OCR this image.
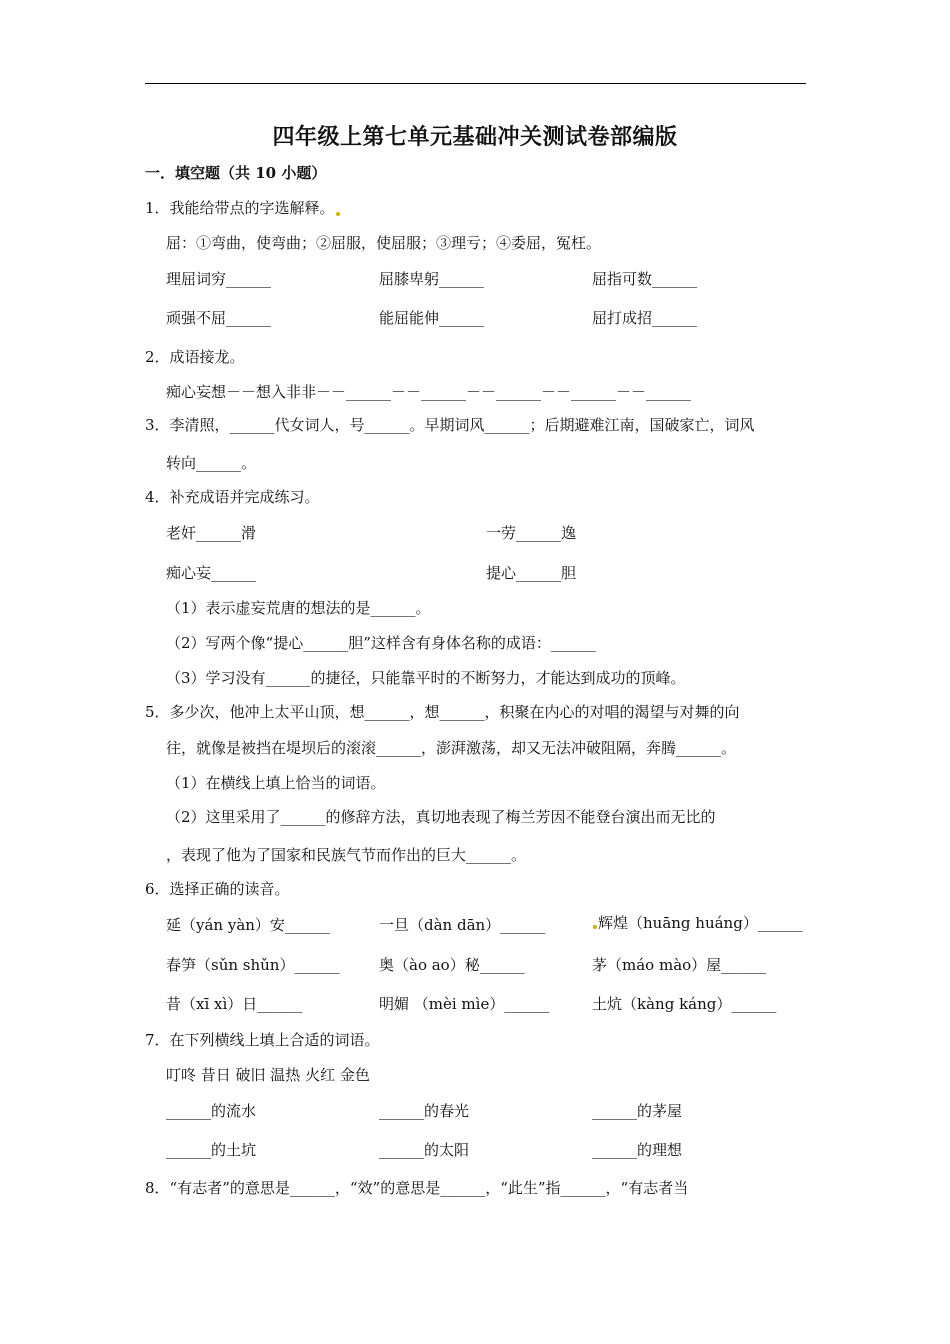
四年级上第七单元基础冲关测试卷部编版
一．填空题（共 10 小题）
1．我能给带点的字选解释。
屈：①弯曲，使弯曲；②屈服，使屈服；③理亏；④委屈，冤枉。
理屈词穷______	屈膝卑躬______	屈指可数______
顽强不屈______	能屈能伸______	屈打成招______
2．成语接龙。
痴心妄想－－想入非非－－______－－______－－______－－______－－______
3．李清照，______代女词人，号______。早期词风______；后期避难江南，国破家亡，词风
转向______。
4．补充成语并完成练习。
老奸______滑	一劳______逸
痴心妄______	提心______胆
（1）表示虚妄荒唐的想法的是______。
（2）写两个像“提心______胆”这样含有身体名称的成语：______
（3）学习没有______的捷径，只能靠平时的不断努力，才能达到成功的顶峰。
5．多少次，他冲上太平山顶，想______，想______，积聚在内心的对唱的渴望与对舞的向
往，就像是被挡在堤坝后的滚滚______，澎湃激荡，却又无法冲破阻隔，奔腾______。
（1）在横线上填上恰当的词语。
（2）这里采用了______的修辞方法，真切地表现了梅兰芳因不能登台演出而无比的
，表现了他为了国家和民族气节而作出的巨大______。
6．选择正确的读音。
延（yán yàn）安______	一旦（dàn dān）______	辉煌（huāng huáng）______
春笋（sǔn shǔn）______	奥（ào ao）秘______	茅（máo mào）屋______
昔（xī xì）日______	明媚 （mèi mìe）______	土炕（kàng káng）______
7．在下列横线上填上合适的词语。
叮咚 昔日 破旧 温热 火红 金色
______的流水	______的春光	______的茅屋
______的土坑	______的太阳	______的理想
8．“有志者”的意思是______，“效”的意思是______，“此生”指______，“有志者当
